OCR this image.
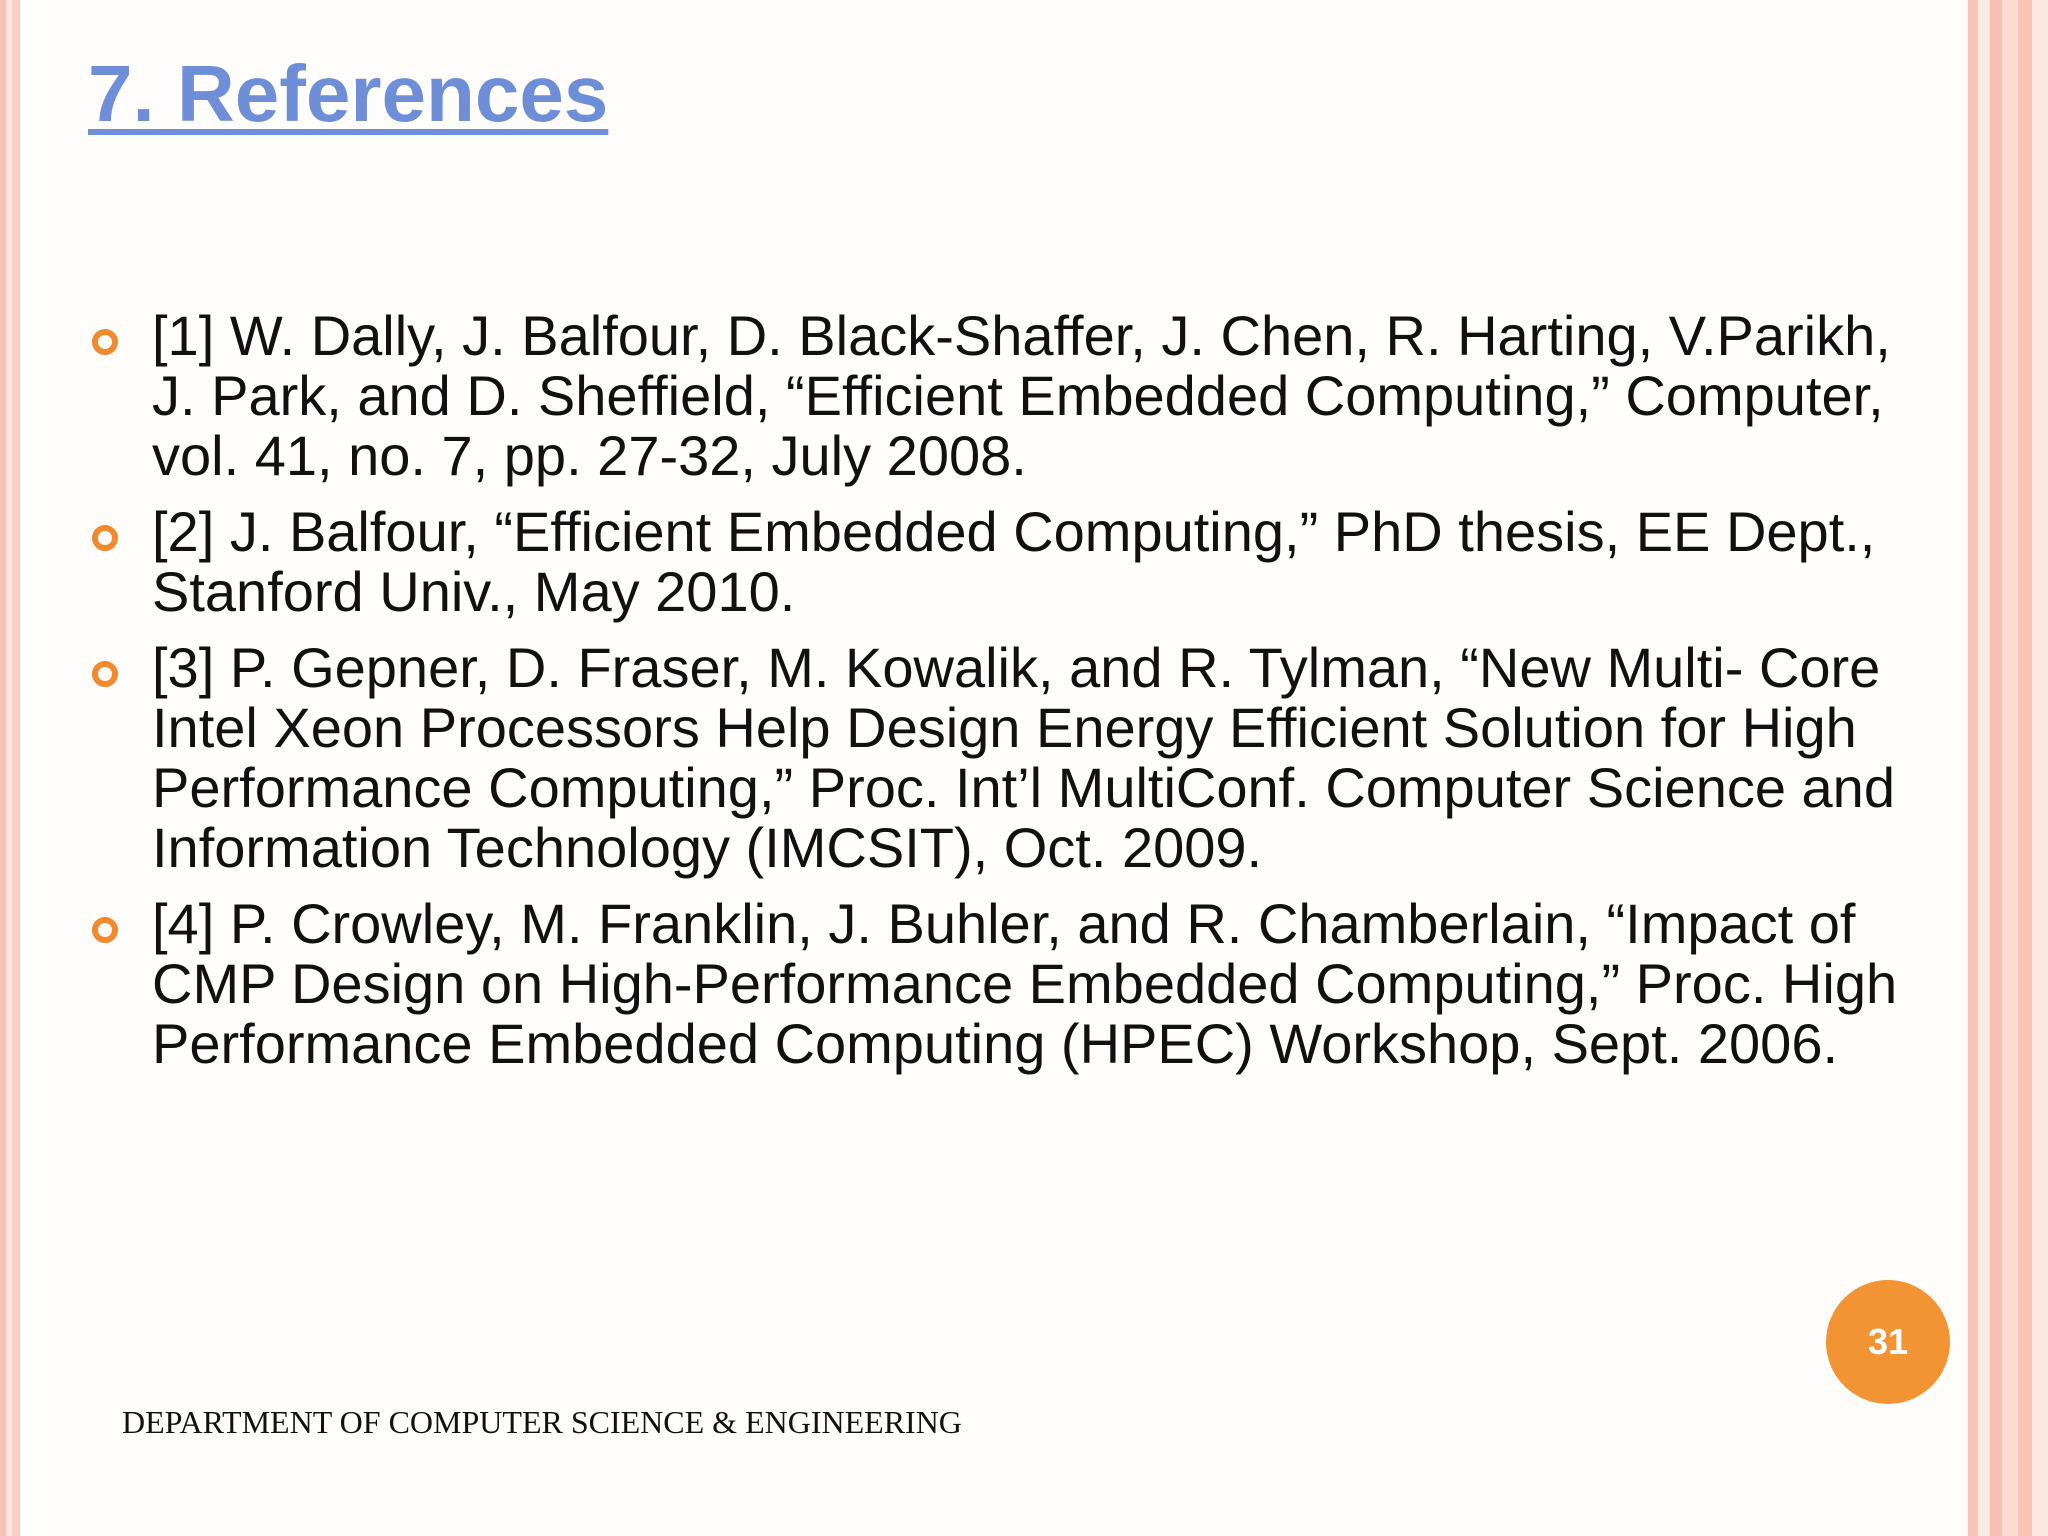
7. References
[1] W. Dally, J. Balfour, D. Black-Shaffer, J. Chen, R. Harting, V.Parikh, J. Park, and D. Sheffield, “Efficient Embedded Computing,” Computer, vol. 41, no. 7, pp. 27-32, July 2008.
[2] J. Balfour, “Efficient Embedded Computing,” PhD thesis, EE Dept., Stanford Univ., May 2010.
[3] P. Gepner, D. Fraser, M. Kowalik, and R. Tylman, “New Multi- Core Intel Xeon Processors Help Design Energy Efficient Solution for High Performance Computing,” Proc. Int’l MultiConf. Computer Science and Information Technology (IMCSIT), Oct. 2009.
[4] P. Crowley, M. Franklin, J. Buhler, and R. Chamberlain, “Impact of CMP Design on High-Performance Embedded Computing,” Proc. High Performance Embedded Computing (HPEC) Workshop, Sept. 2006.
31

DEPARTMENT OF COMPUTER SCIENCE & ENGINEERING
